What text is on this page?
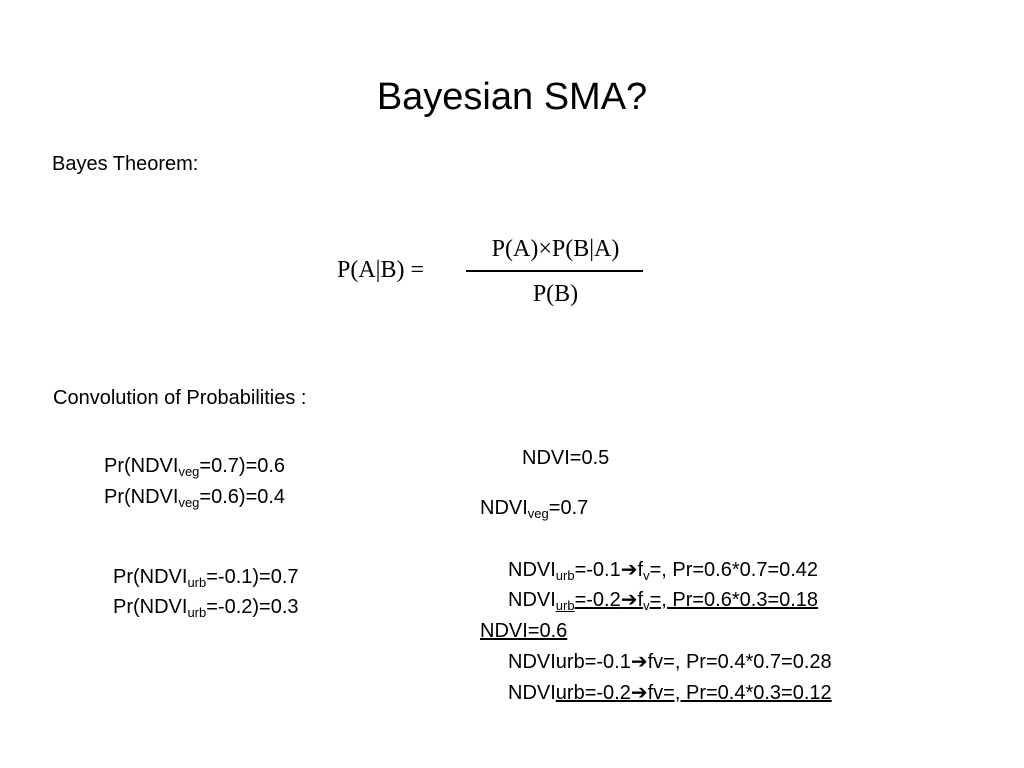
Bayesian SMA?
Bayes Theorem:
P(A|B) =
P(A)×P(B|A)
P(B)
Convolution of Probabilities :
$Pr(NDVI_{veg}=0.7)=0.6$
$Pr(NDVI_{veg}=0.6)=0.4$
$Pr(NDVI_{urb}=-0.1)=0.7$
$Pr(NDVI_{urb}=-0.2)=0.3$
NDVI=0.5
$NDVI_{veg}=0.7$
$NDVI_{urb}=-0.1➔f_v=$, Pr=0.6*0.7=0.42
$NDVI_{urb}=-0.2➔f_v=$, Pr=0.6*0.3=0.18
NDVI=0.6
NDVIurb=-0.1➔fv=, Pr=0.4*0.7=0.28
NDVIurb=-0.2➔fv=, Pr=0.4*0.3=0.12
